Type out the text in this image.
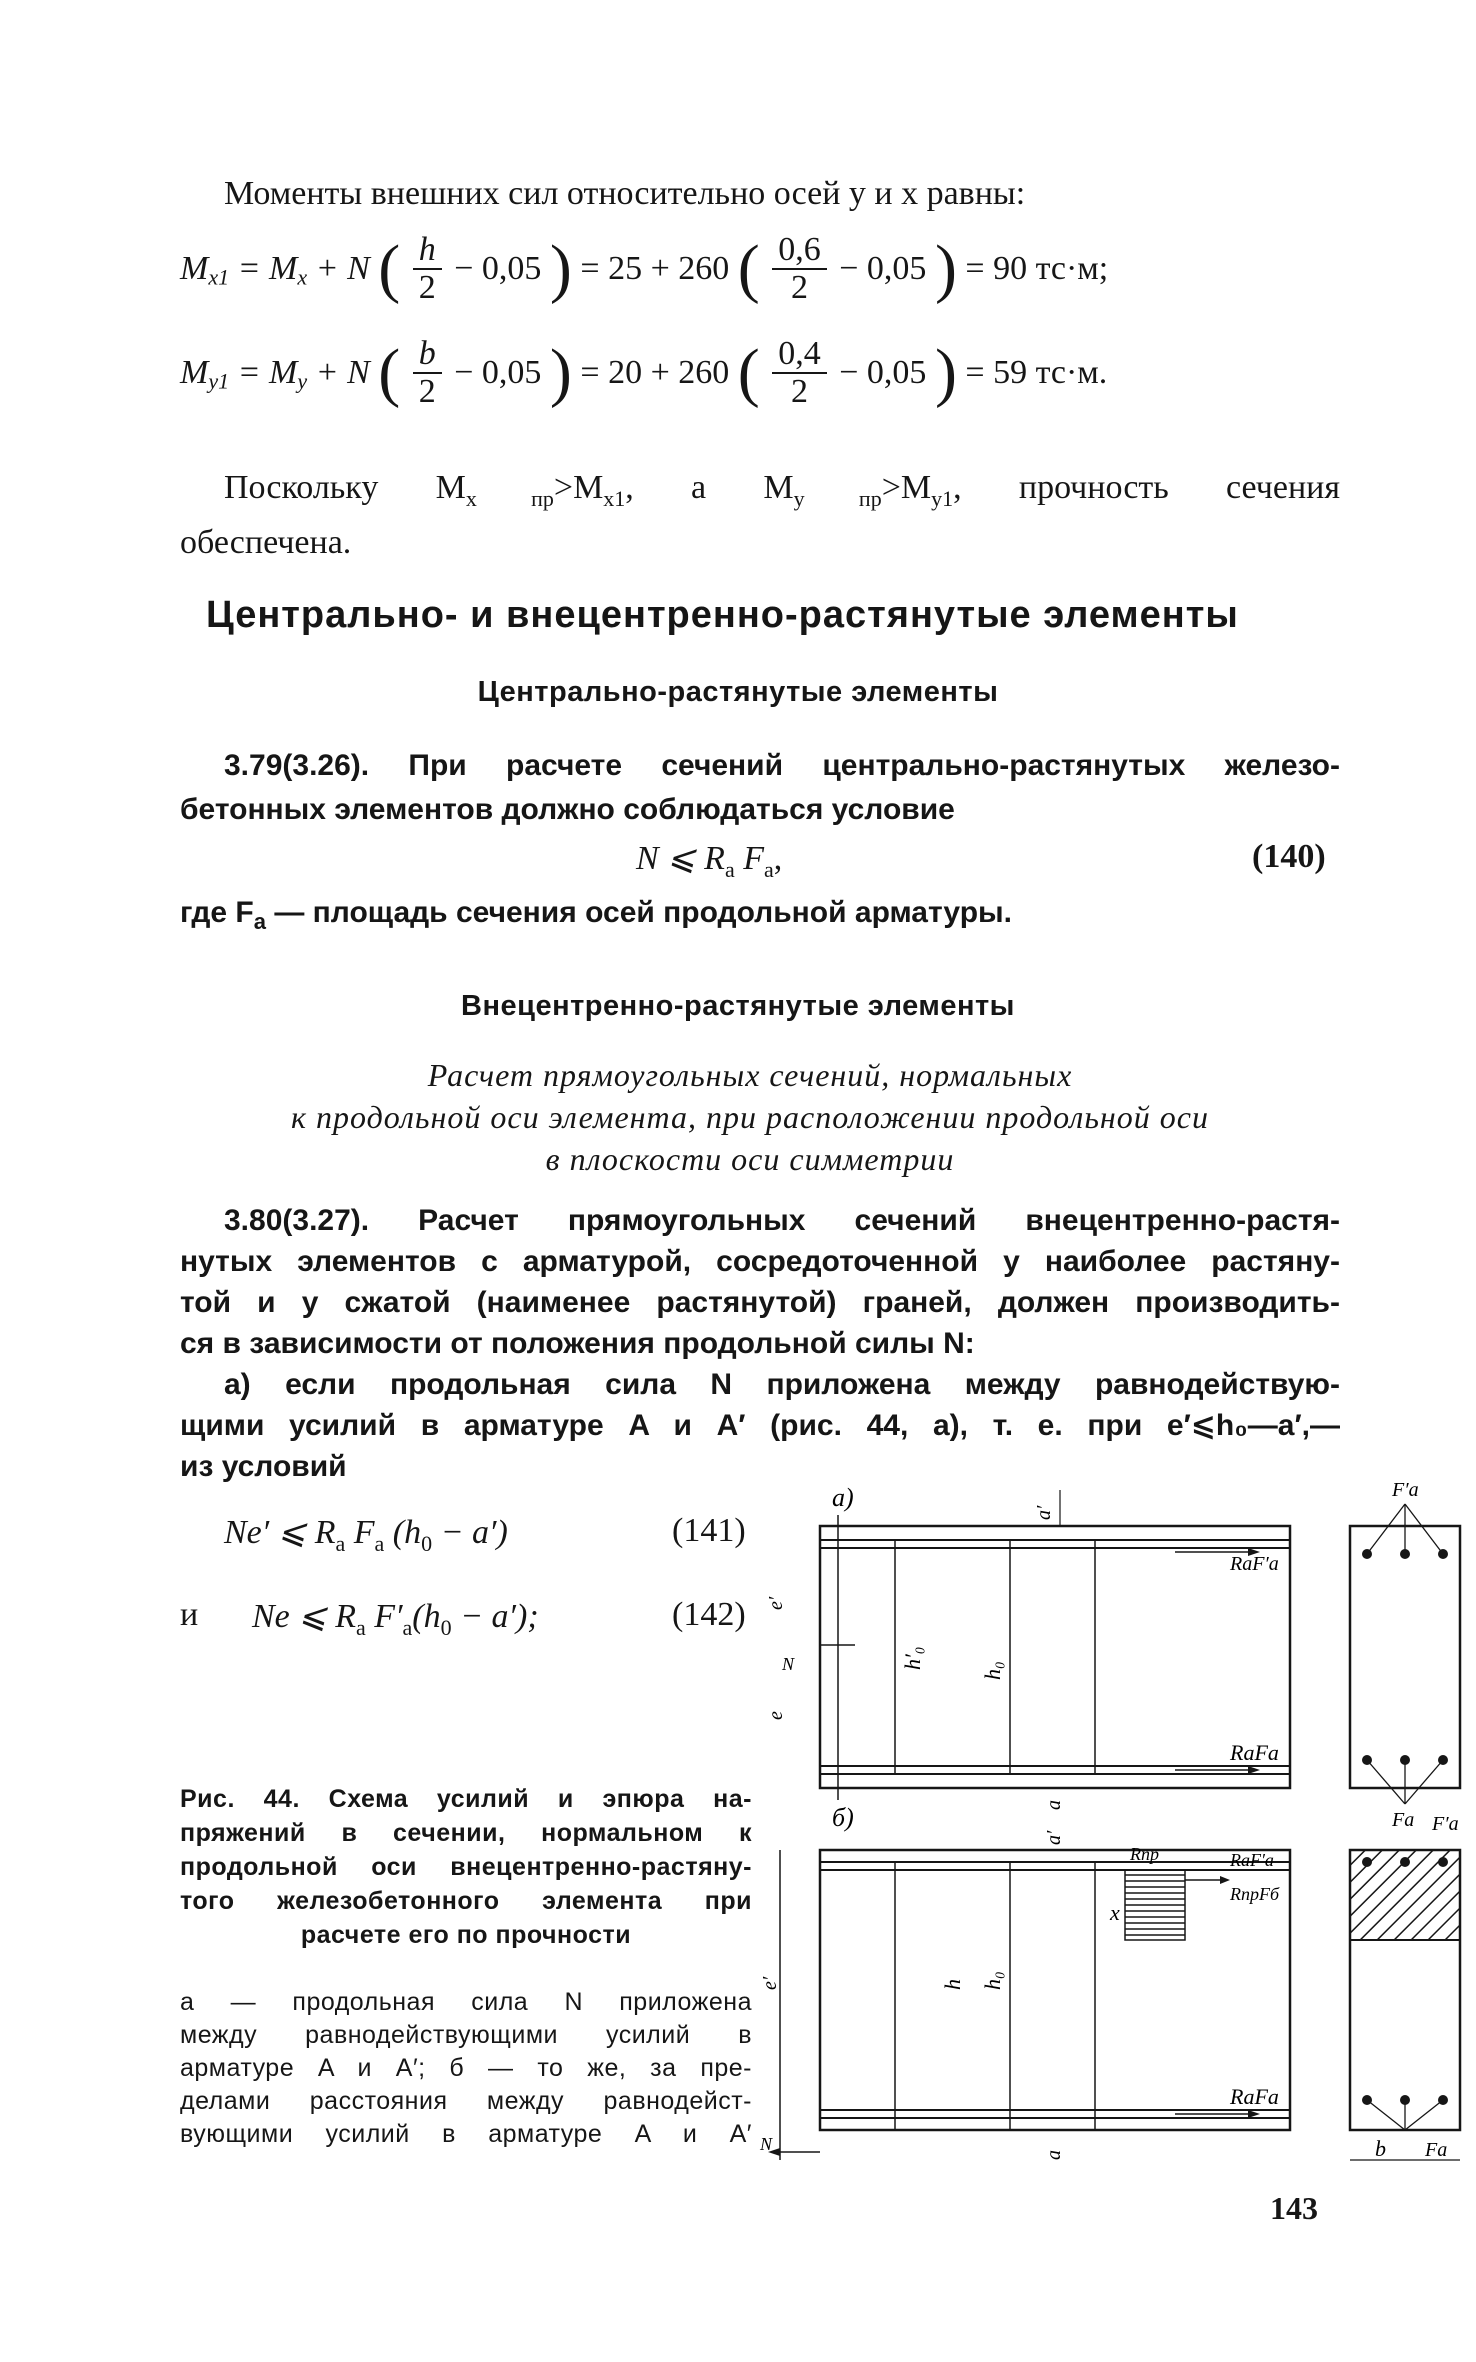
Моменты внешних сил относительно осей y и x равны:
$M_{x1} = M_x + N$ ( $\frac{h}{2} - 0,05$ ) = 25 + 260 ( $\frac{0,6}{2} - 0,05$ ) = 90 тс·м;
$M_{y1} = M_y + N$ ( $\frac{b}{2} - 0,05$ ) = 20 + 260 ( $\frac{0,4}{2} - 0,05$ ) = 59 тс·м.
Поскольку $M_{x пр}>M_{x1}$, а $M_{y пр}>M_{y1}$, прочность сечения
обеспечена.
Центрально- и внецентренно-растянутые элементы
Центрально-растянутые элементы
3.79(3.26). При расчете сечений центрально-растянутых железо-
бетонных элементов должно соблюдаться условие
N ⩽ $R_а$ $F_а$,	(140)
где $F_а$ — площадь сечения осей продольной арматуры.
Внецентренно-растянутые элементы
Расчет прямоугольных сечений, нормальных
к продольной оси элемента, при расположении продольной оси
в плоскости оси симметрии
3.80(3.27). Расчет прямоугольных сечений внецентренно-растя-
нутых элементов с арматурой, сосредоточенной у наиболее растяну-
той и у сжатой (наименее растянутой) граней, должен производить-
ся в зависимости от положения продольной силы N:
а) если продольная сила N приложена между равнодействую-
щими усилий в арматуре A и A′ (рис. 44, а), т. е. при e′⩽h₀—a′,—
из условий
Ne′ ⩽ $R_а$ $F_а$ $(h_0 - a')$	(141)
и Ne ⩽ $R_а$ $F'_а(h_0 - a')$;	(142)
Рис. 44. Схема усилий и эпюра на-
пряжений в сечении, нормальном к
продольной оси внецентренно-растяну-
того железобетонного элемента при
расчете его по прочности
а — продольная сила N приложена
между равнодействующими усилий в
арматуре A и A′; б — то же, за пре-
делами расстояния между равнодейст-
вующими усилий в арматуре A и A′
а)
a′
RаF′а
RаFа
h′₀
h₀
e′
N
e
a
F′а
Fа
б)
a′
Rпр	RаF′а
RпрFб
RаFа
x
h h₀
e′
N
a
F′а
b Fа
143
